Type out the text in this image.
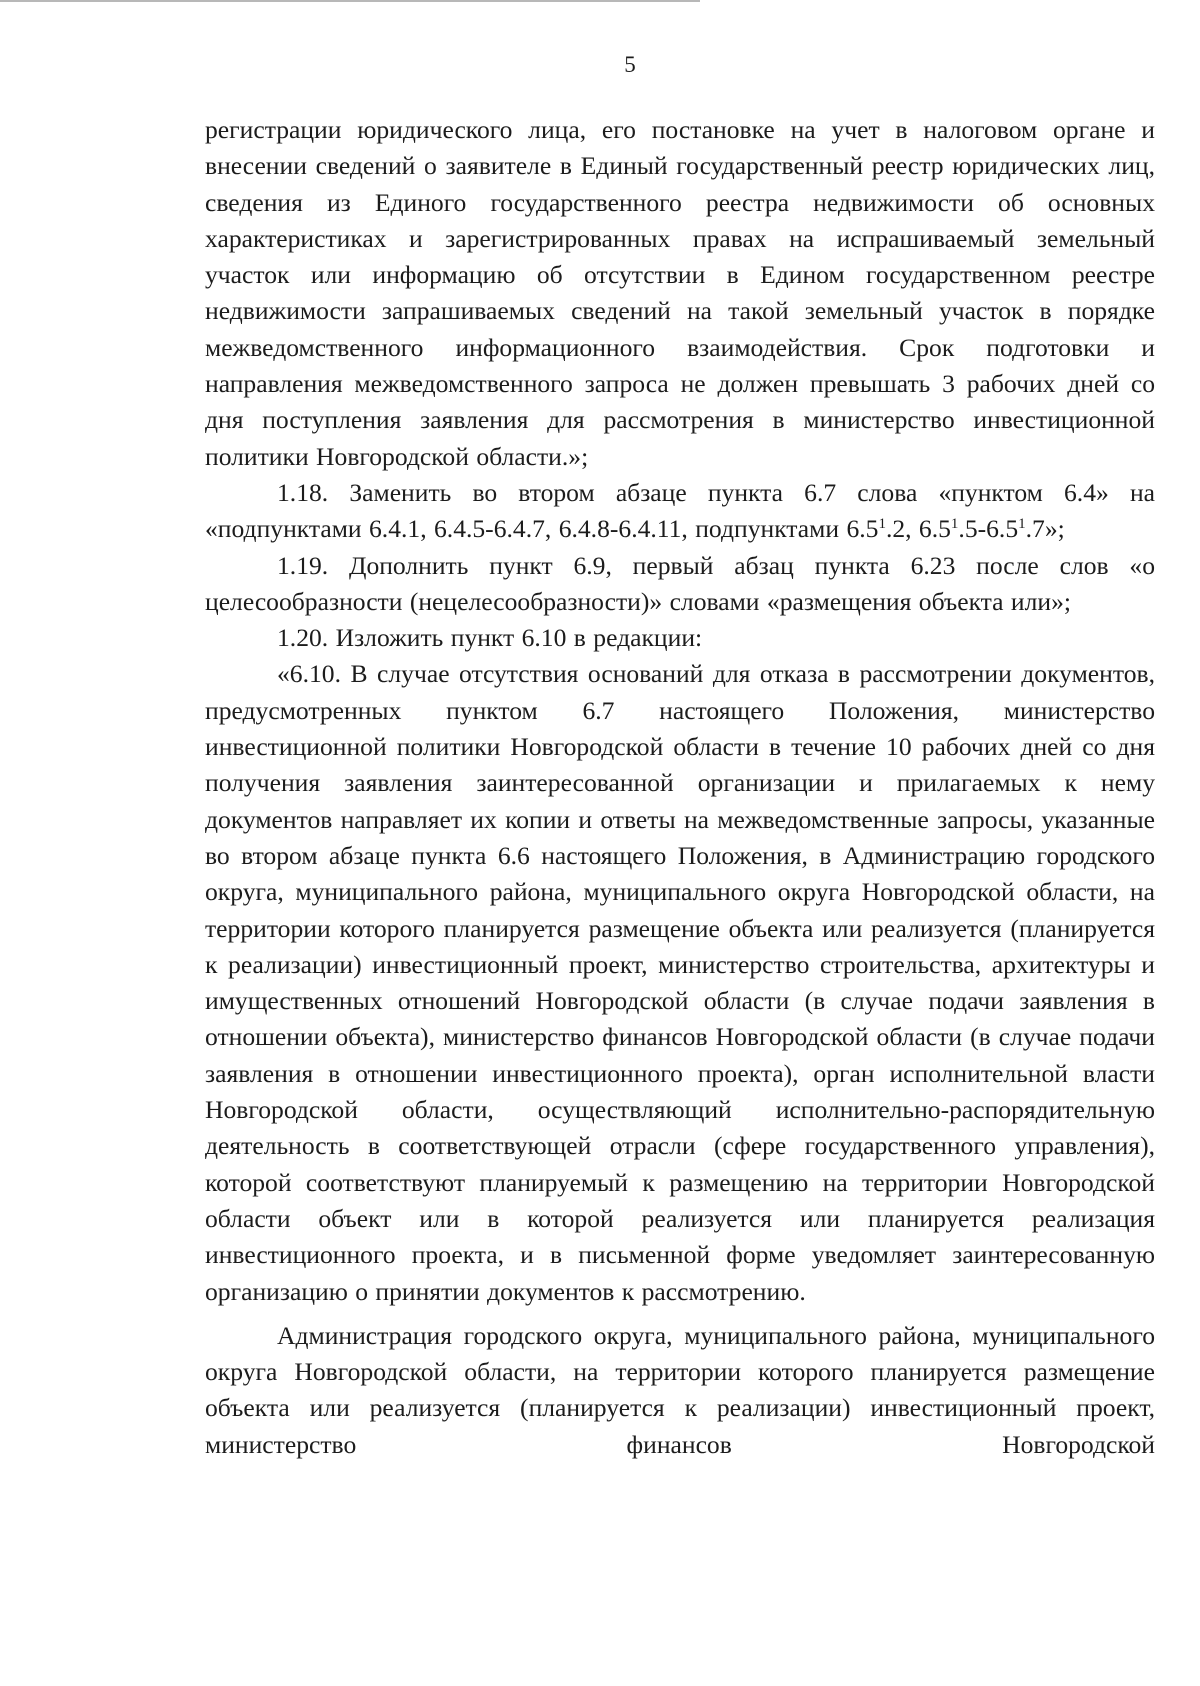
5

регистрации юридического лица, его постановке на учет в налоговом органе и внесении сведений о заявителе в Единый государственный реестр юридических лиц, сведения из Единого государственного реестра недвижимости об основных характеристиках и зарегистрированных правах на испрашиваемый земельный участок или информацию об отсутствии в Едином государственном реестре недвижимости запрашиваемых сведений на такой земельный участок в порядке межведомственного информационного взаимодействия. Срок подготовки и направления межведомственного запроса не должен превышать 3 рабочих дней со дня поступления заявления для рассмотрения в министерство инвестиционной политики Новгородской области.»;

1.18. Заменить во втором абзаце пункта 6.7 слова «пунктом 6.4» на «подпунктами 6.4.1, 6.4.5-6.4.7, 6.4.8-6.4.11, подпунктами $6.5^1.2$, $6.5^1.5-6.5^1.7$»;

1.19. Дополнить пункт 6.9, первый абзац пункта 6.23 после слов «о целесообразности (нецелесообразности)» словами «размещения объекта или»;

1.20. Изложить пункт 6.10 в редакции:

«6.10. В случае отсутствия оснований для отказа в рассмотрении документов, предусмотренных пунктом 6.7 настоящего Положения, министерство инвестиционной политики Новгородской области в течение 10 рабочих дней со дня получения заявления заинтересованной организации и прилагаемых к нему документов направляет их копии и ответы на межведомственные запросы, указанные во втором абзаце пункта 6.6 настоящего Положения, в Администрацию городского округа, муниципального района, муниципального округа Новгородской области, на территории которого планируется размещение объекта или реализуется (планируется к реализации) инвестиционный проект, министерство строительства, архитектуры и имущественных отношений Новгородской области (в случае подачи заявления в отношении объекта), министерство финансов Новгородской области (в случае подачи заявления в отношении инвестиционного проекта), орган исполнительной власти Новгородской области, осуществляющий исполнительно-распорядительную деятельность в соответствующей отрасли (сфере государственного управления), которой соответствуют планируемый к размещению на территории Новгородской области объект или в которой реализуется или планируется реализация инвестиционного проекта, и в письменной форме уведомляет заинтересованную организацию о принятии документов к рассмотрению.

Администрация городского округа, муниципального района, муниципального округа Новгородской области, на территории которого планируется размещение объекта или реализуется (планируется к реализации) инвестиционный проект, министерство финансов Новгородской
